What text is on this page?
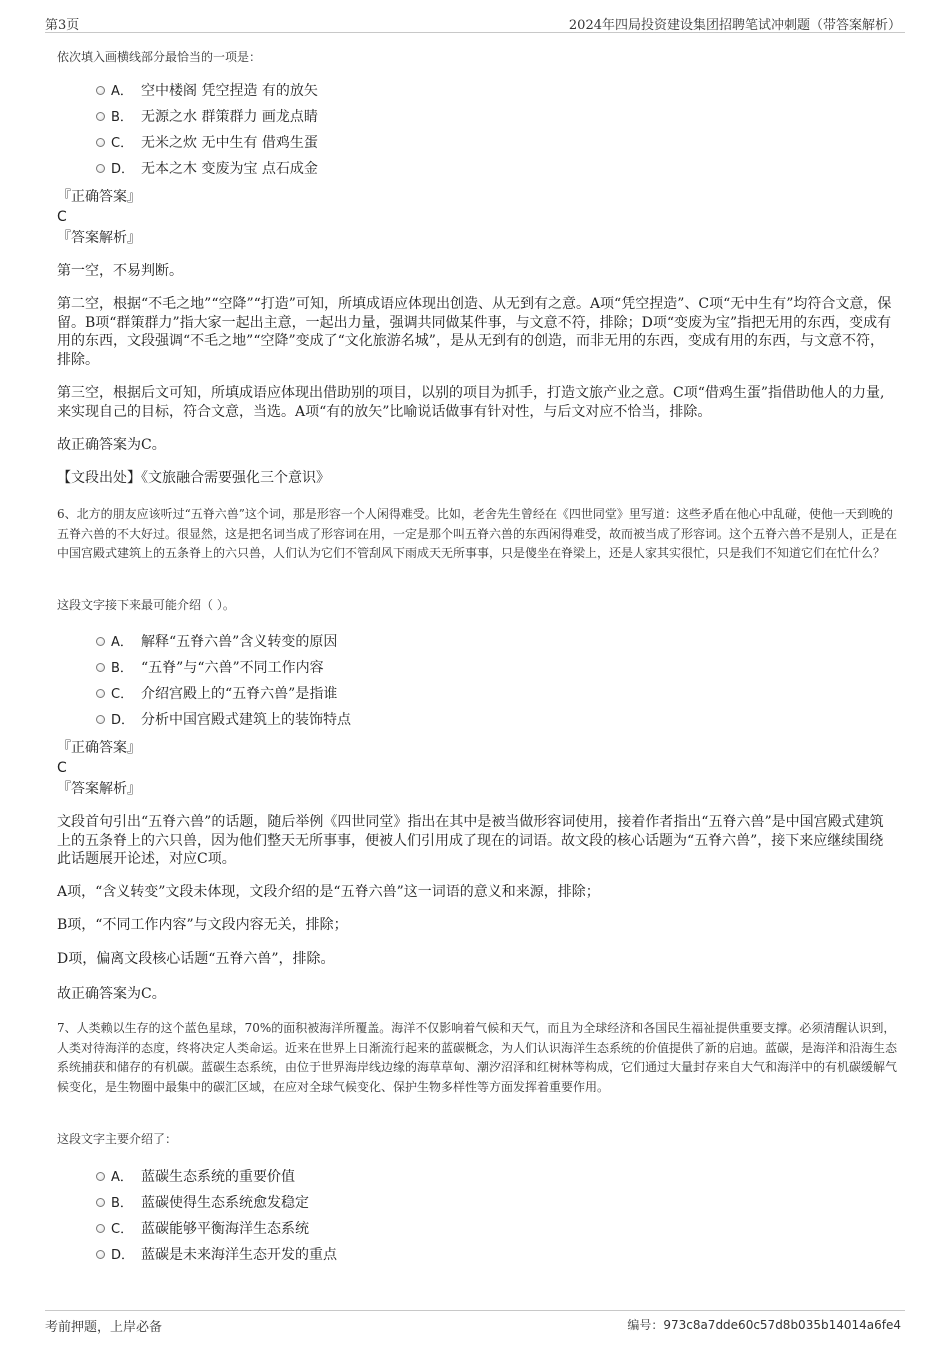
第3页	2024年四局投资建设集团招聘笔试冲刺题（带答案解析）
依次填入画横线部分最恰当的一项是：
A． 空中楼阁 凭空捏造 有的放矢
B． 无源之水 群策群力 画龙点睛
C． 无米之炊 无中生有 借鸡生蛋
D． 无本之木 变废为宝 点石成金
『正确答案』
C
『答案解析』
第一空，不易判断。
第二空，根据“不毛之地”“空降”“打造”可知，所填成语应体现出创造、从无到有之意。A项“凭空捏造”、C项“无中生有”均符合文意，保留。B项“群策群力”指大家一起出主意，一起出力量，强调共同做某件事，与文意不符，排除；D项“变废为宝”指把无用的东西，变成有用的东西，文段强调“不毛之地”“空降”变成了“文化旅游名城”，是从无到有的创造，而非无用的东西，变成有用的东西，与文意不符，排除。
第三空，根据后文可知，所填成语应体现出借助别的项目，以别的项目为抓手，打造文旅产业之意。C项“借鸡生蛋”指借助他人的力量,来实现自己的目标，符合文意，当选。A项“有的放矢”比喻说话做事有针对性，与后文对应不恰当，排除。
故正确答案为C。
【文段出处】《文旅融合需要强化三个意识》
6、北方的朋友应该听过“五脊六兽”这个词，那是形容一个人闲得难受。比如，老舍先生曾经在《四世同堂》里写道：这些矛盾在他心中乱碰，使他一天到晚的五脊六兽的不大好过。很显然，这是把名词当成了形容词在用，一定是那个叫五脊六兽的东西闲得难受，故而被当成了形容词。这个五脊六兽不是别人，正是在中国宫殿式建筑上的五条脊上的六只兽，人们认为它们不管刮风下雨成天无所事事，只是傻坐在脊梁上，还是人家其实很忙，只是我们不知道它们在忙什么？
这段文字接下来最可能介绍（ ）。
A． 解释“五脊六兽”含义转变的原因
B． “五脊”与“六兽”不同工作内容
C． 介绍宫殿上的“五脊六兽”是指谁
D． 分析中国宫殿式建筑上的装饰特点
『正确答案』
C
『答案解析』
文段首句引出“五脊六兽”的话题，随后举例《四世同堂》指出在其中是被当做形容词使用，接着作者指出“五脊六兽”是中国宫殿式建筑上的五条脊上的六只兽，因为他们整天无所事事，便被人们引用成了现在的词语。故文段的核心话题为“五脊六兽”，接下来应继续围绕此话题展开论述，对应C项。
A项，“含义转变”文段未体现，文段介绍的是“五脊六兽”这一词语的意义和来源，排除；
B项，“不同工作内容”与文段内容无关，排除；
D项，偏离文段核心话题“五脊六兽”，排除。
故正确答案为C。
7、人类赖以生存的这个蓝色星球，70%的面积被海洋所覆盖。海洋不仅影响着气候和天气，而且为全球经济和各国民生福祉提供重要支撑。必须清醒认识到，人类对待海洋的态度，终将决定人类命运。近来在世界上日渐流行起来的蓝碳概念，为人们认识海洋生态系统的价值提供了新的启迪。蓝碳，是海洋和沿海生态系统捕获和储存的有机碳。蓝碳生态系统，由位于世界海岸线边缘的海草草甸、潮汐沼泽和红树林等构成，它们通过大量封存来自大气和海洋中的有机碳缓解气候变化，是生物圈中最集中的碳汇区域，在应对全球气候变化、保护生物多样性等方面发挥着重要作用。
这段文字主要介绍了：
A． 蓝碳生态系统的重要价值
B． 蓝碳使得生态系统愈发稳定
C． 蓝碳能够平衡海洋生态系统
D． 蓝碳是未来海洋生态开发的重点
考前押题，上岸必备	编号：973c8a7dde60c57d8b035b14014a6fe4
